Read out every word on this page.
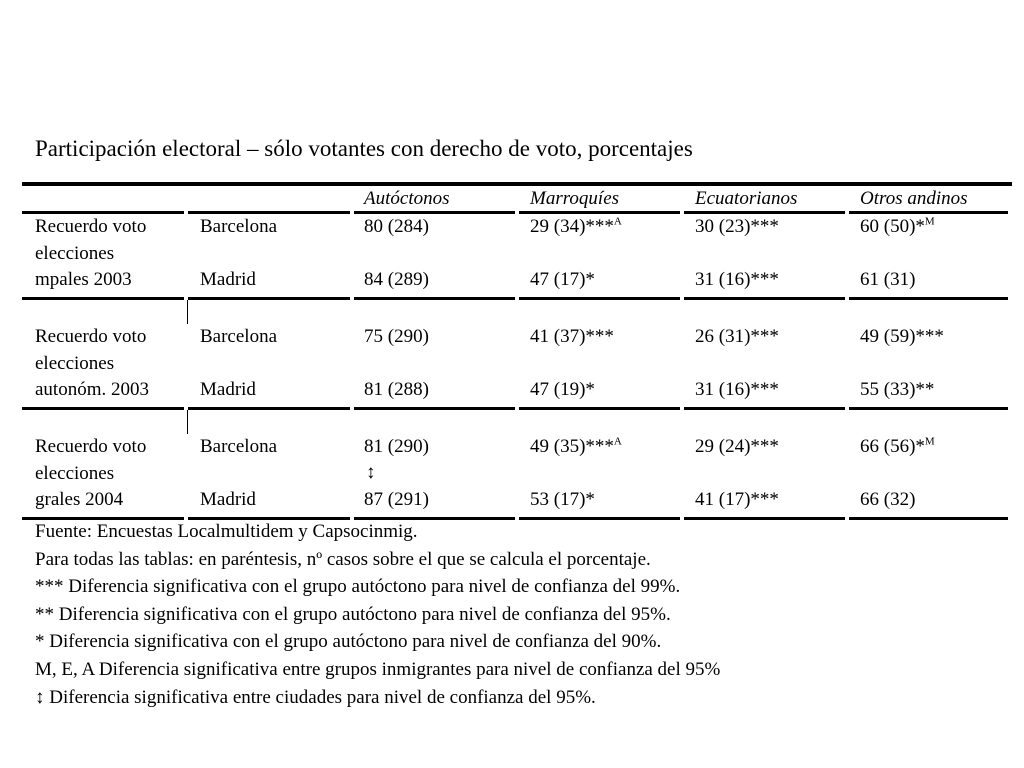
Participación electoral – sólo votantes con derecho de voto, porcentajes
Autóctonos	Marroquíes	Ecuatorianos	Otros andinos
Recuerdo voto
elecciones
mpales 2003
Barcelona	80 (284)	29 (34)***$^A$	30 (23)***	60 (50)*$^M$
Madrid	84 (289)	47 (17)*	31 (16)***	61 (31)
Recuerdo voto
elecciones
autonóm. 2003
Barcelona	75 (290)	41 (37)***	26 (31)***	49 (59)***
Madrid	81 (288)	47 (19)*	31 (16)***	55 (33)**
Recuerdo voto
elecciones
grales 2004
Barcelona	81 (290)	49 (35)***$^A$	29 (24)***	66 (56)*$^M$
↕
Madrid	87 (291)	53 (17)*	41 (17)***	66 (32)
Fuente: Encuestas Localmultidem y Capsocinmig.
Para todas las tablas: en paréntesis, nº casos sobre el que se calcula el porcentaje.
*** Diferencia significativa con el grupo autóctono para nivel de confianza del 99%.
** Diferencia significativa con el grupo autóctono para nivel de confianza del 95%.
* Diferencia significativa con el grupo autóctono para nivel de confianza del 90%.
M, E, A Diferencia significativa entre grupos inmigrantes para nivel de confianza del 95%
↕ Diferencia significativa entre ciudades para nivel de confianza del 95%.
